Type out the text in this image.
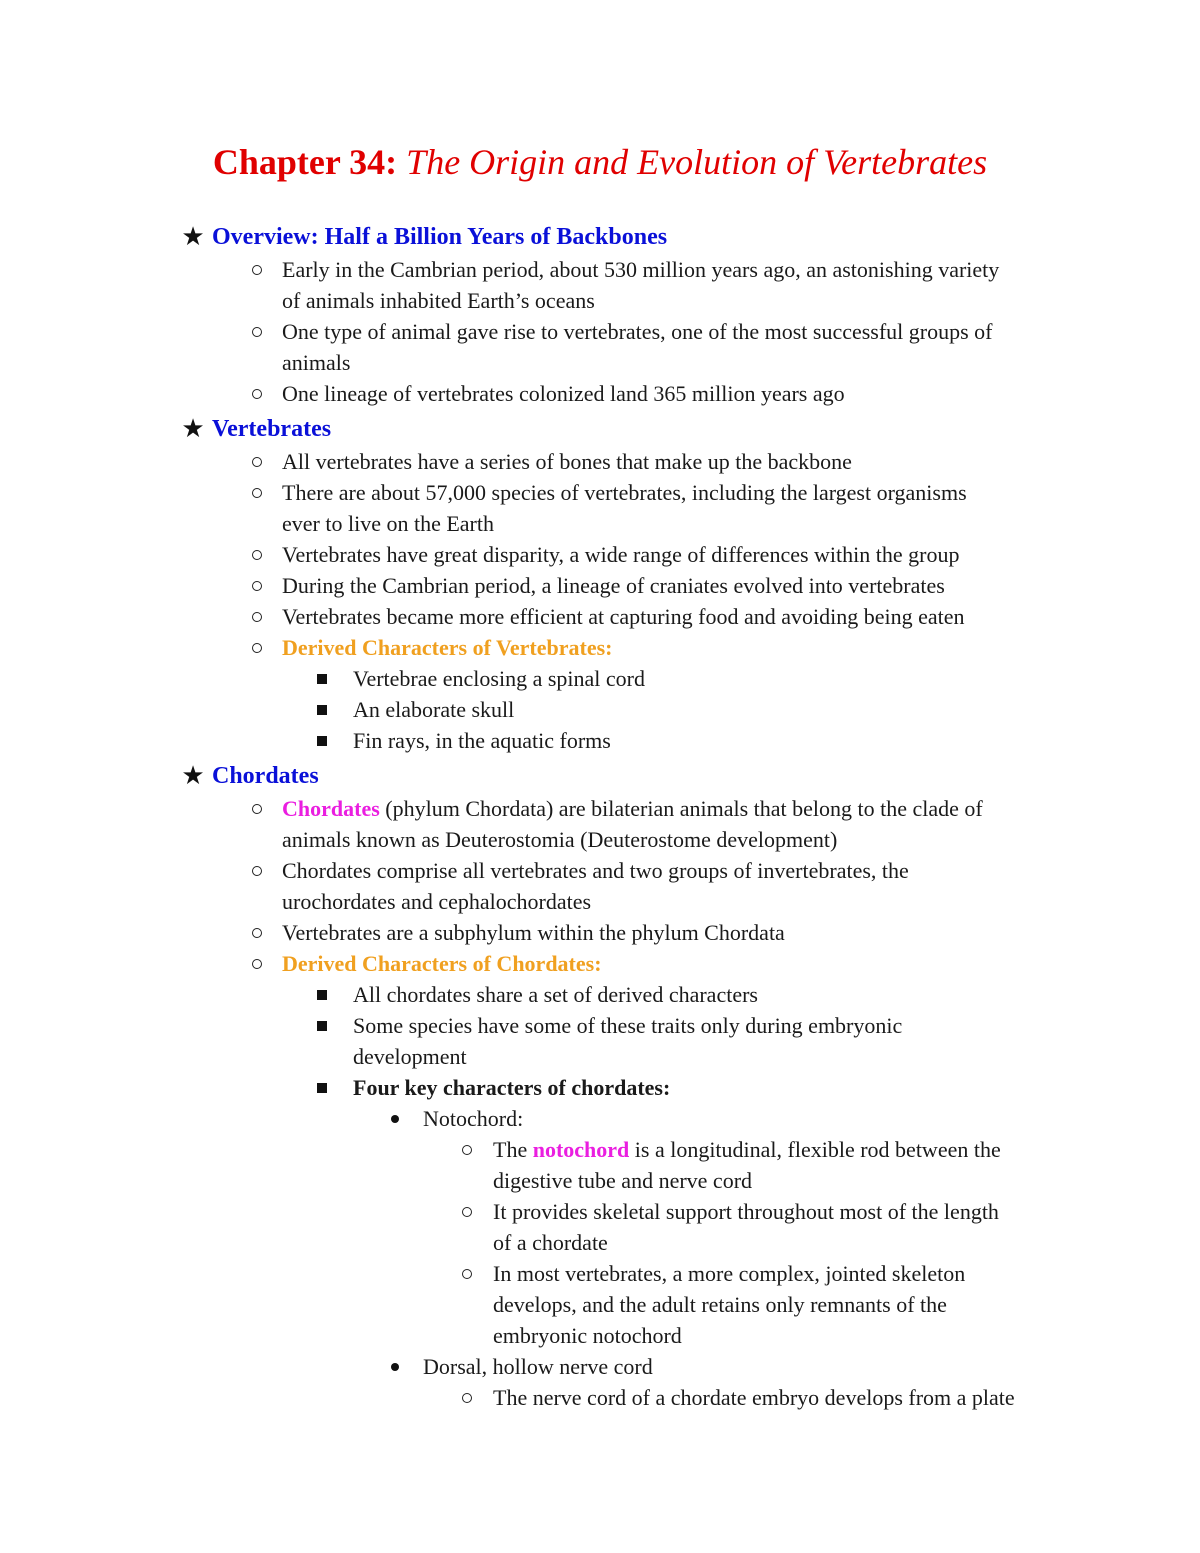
Chapter 34: The Origin and Evolution of Vertebrates
★ Overview: Half a Billion Years of Backbones
Early in the Cambrian period, about 530 million years ago, an astonishing variety
of animals inhabited Earth’s oceans
One type of animal gave rise to vertebrates, one of the most successful groups of
animals
One lineage of vertebrates colonized land 365 million years ago
★ Vertebrates
All vertebrates have a series of bones that make up the backbone
There are about 57,000 species of vertebrates, including the largest organisms
ever to live on the Earth
Vertebrates have great disparity, a wide range of differences within the group
During the Cambrian period, a lineage of craniates evolved into vertebrates
Vertebrates became more efficient at capturing food and avoiding being eaten
Derived Characters of Vertebrates:
Vertebrae enclosing a spinal cord
An elaborate skull
Fin rays, in the aquatic forms
★ Chordates
Chordates (phylum Chordata) are bilaterian animals that belong to the clade of
animals known as Deuterostomia (Deuterostome development)
Chordates comprise all vertebrates and two groups of invertebrates, the
urochordates and cephalochordates
Vertebrates are a subphylum within the phylum Chordata
Derived Characters of Chordates:
All chordates share a set of derived characters
Some species have some of these traits only during embryonic
development
Four key characters of chordates:
Notochord:
The notochord is a longitudinal, flexible rod between the
digestive tube and nerve cord
It provides skeletal support throughout most of the length
of a chordate
In most vertebrates, a more complex, jointed skeleton
develops, and the adult retains only remnants of the
embryonic notochord
Dorsal, hollow nerve cord
The nerve cord of a chordate embryo develops from a plate
